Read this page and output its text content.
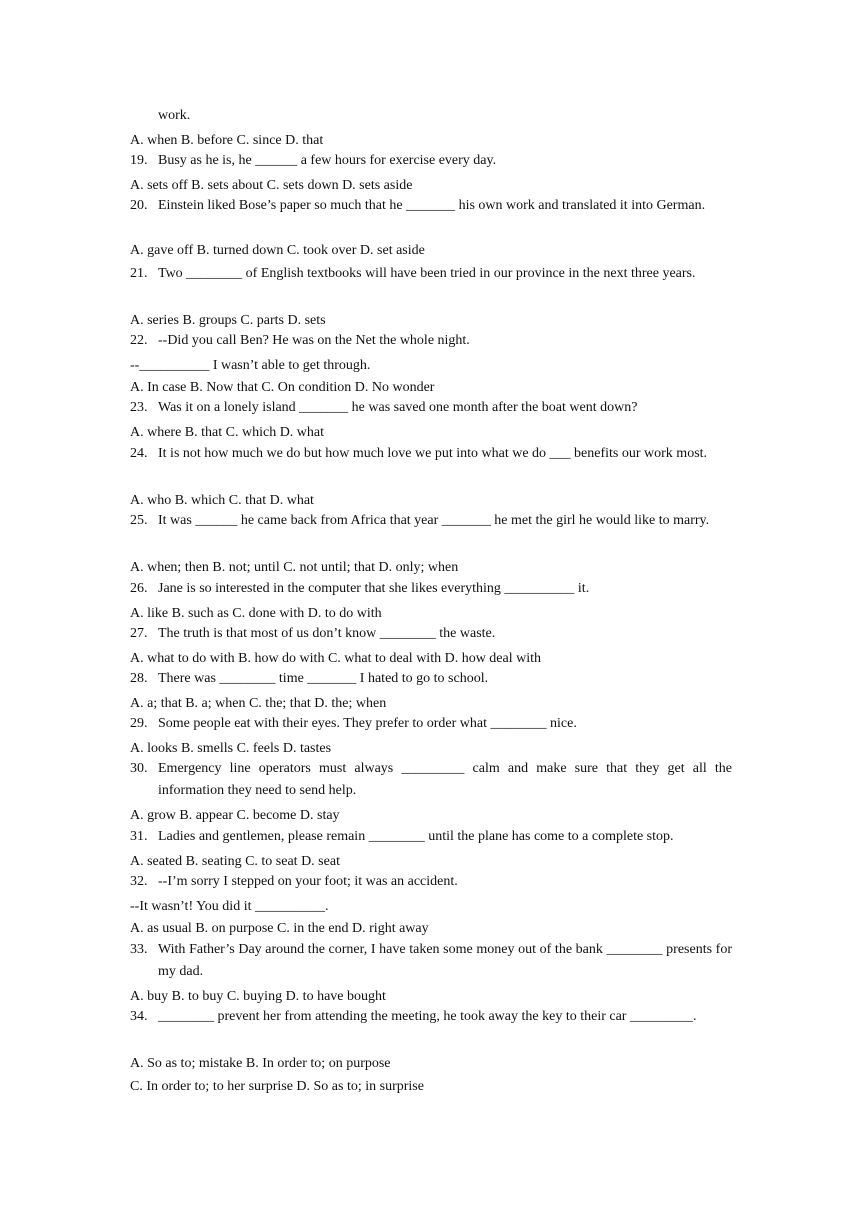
work.
A. when B. before C. since D. that
19. Busy as he is, he ______ a few hours for exercise every day.
A. sets off B. sets about C. sets down D. sets aside
20. Einstein liked Bose’s paper so much that he _______ his own work and translated it into German.
A. gave off B. turned down C. took over D. set aside
21. Two ________ of English textbooks will have been tried in our province in the next three years.
A. series B. groups C. parts D. sets
22. --Did you call Ben? He was on the Net the whole night.
--__________ I wasn’t able to get through.
A. In case B. Now that C. On condition D. No wonder
23. Was it on a lonely island _______ he was saved one month after the boat went down?
A. where B. that C. which D. what
24. It is not how much we do but how much love we put into what we do ___ benefits our work most.
A. who B. which C. that D. what
25. It was ______ he came back from Africa that year _______ he met the girl he would like to marry.
A. when; then B. not; until C. not until; that D. only; when
26. Jane is so interested in the computer that she likes everything __________ it.
A. like B. such as C. done with D. to do with
27. The truth is that most of us don’t know ________ the waste.
A. what to do with B. how do with C. what to deal with D. how deal with
28. There was ________ time _______ I hated to go to school.
A. a; that B. a; when C. the; that D. the; when
29. Some people eat with their eyes. They prefer to order what ________ nice.
A. looks B. smells C. feels D. tastes
30. Emergency line operators must always _________ calm and make sure that they get all the information they need to send help.
A. grow B. appear C. become D. stay
31. Ladies and gentlemen, please remain ________ until the plane has come to a complete stop.
A. seated B. seating C. to seat D. seat
32. --I’m sorry I stepped on your foot; it was an accident.
--It wasn’t! You did it __________.
A. as usual B. on purpose C. in the end D. right away
33. With Father’s Day around the corner, I have taken some money out of the bank ________ presents for my dad.
A. buy B. to buy C. buying D. to have bought
34. ________ prevent her from attending the meeting, he took away the key to their car _________.
A. So as to; mistake B. In order to; on purpose
C. In order to; to her surprise D. So as to; in surprise
